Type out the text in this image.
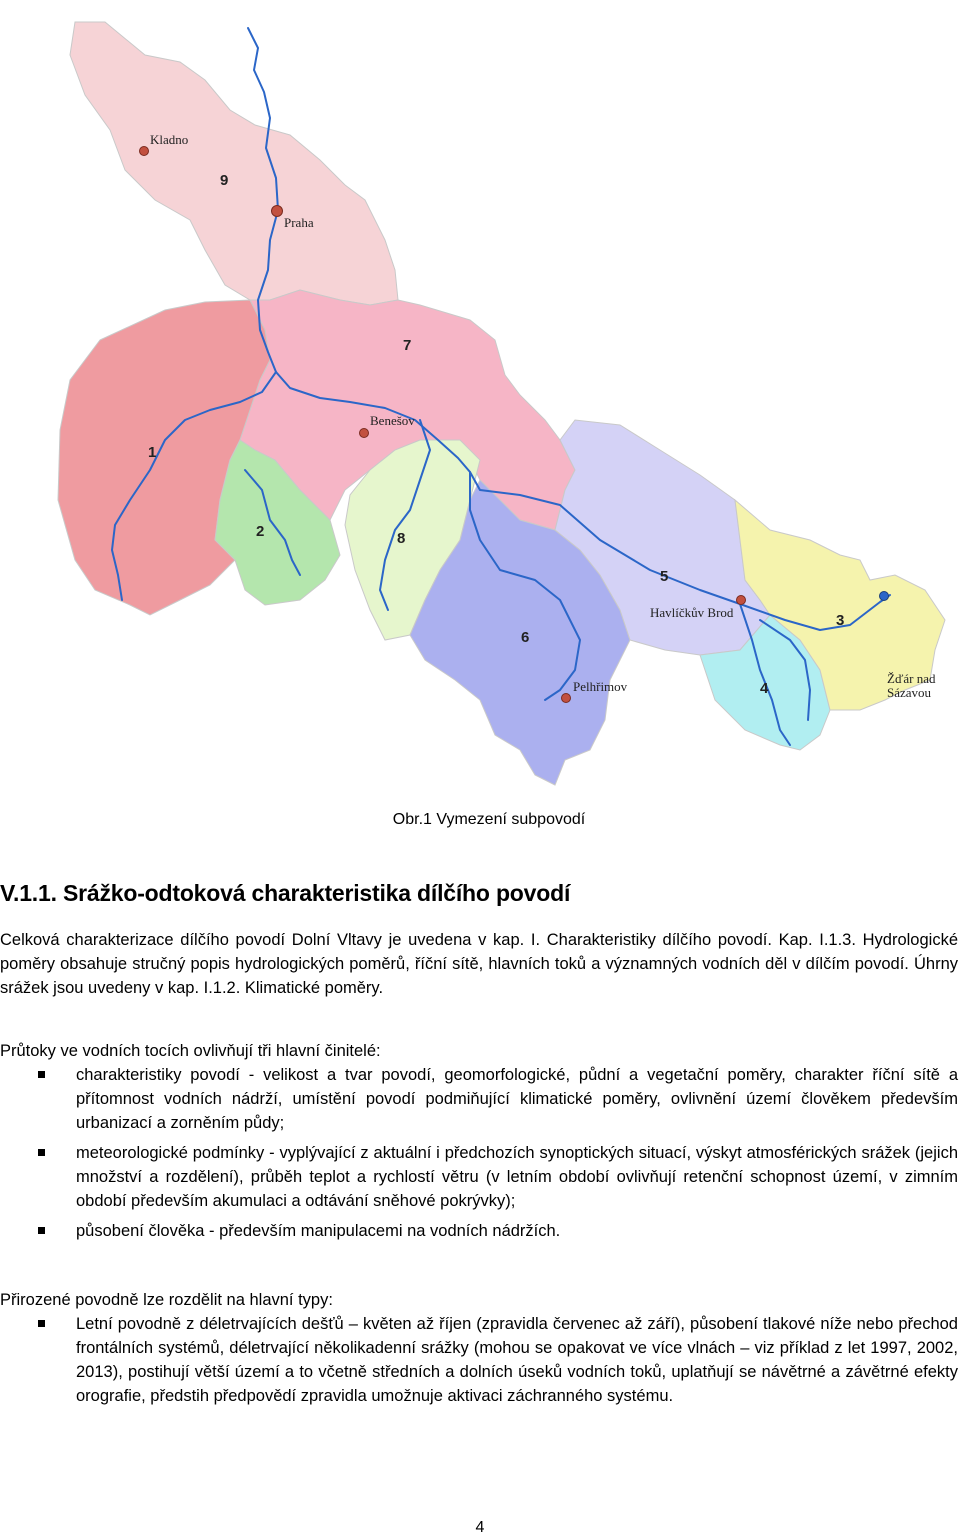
Kladno
Praha
Benešov
Havlíčkův Brod
Pelhřimov
Žďár nad
Sázavou
1
2
3
4
5
6
7
8
9
Obr.1 Vymezení subpovodí
V.1.1. Srážko-odtoková charakteristika dílčího povodí

Celková charakterizace dílčího povodí Dolní Vltavy je uvedena v kap. I. Charakteristiky dílčího povodí. Kap. I.1.3. Hydrologické poměry obsahuje stručný popis hydrologických poměrů, říční sítě, hlavních toků a významných vodních děl v dílčím povodí. Úhrny srážek jsou uvedeny v kap. I.1.2. Klimatické poměry.

Průtoky ve vodních tocích ovlivňují tři hlavní činitelé:

charakteristiky povodí - velikost a tvar povodí, geomorfologické, půdní a vegetační poměry, charakter říční sítě a přítomnost vodních nádrží, umístění povodí podmiňující klimatické poměry, ovlivnění území člověkem především urbanizací a zorněním půdy;
meteorologické podmínky - vyplývající z aktuální i předchozích synoptických situací, výskyt atmosférických srážek (jejich množství a rozdělení), průběh teplot a rychlostí větru (v letním období ovlivňují retenční schopnost území, v zimním období především akumulaci a odtávání sněhové pokrývky);
působení člověka - především manipulacemi na vodních nádržích.

Přirozené povodně lze rozdělit na hlavní typy:

Letní povodně z déletrvajících dešťů – květen až říjen (zpravidla červenec až září), působení tlakové níže nebo přechod frontálních systémů, déletrvající několikadenní srážky (mohou se opakovat ve více vlnách – viz příklad z let 1997, 2002, 2013), postihují větší území a to včetně středních a dolních úseků vodních toků, uplatňují se návětrné a závětrné efekty orografie, předstih předpovědí zpravidla umožnuje aktivaci záchranného systému.
4
